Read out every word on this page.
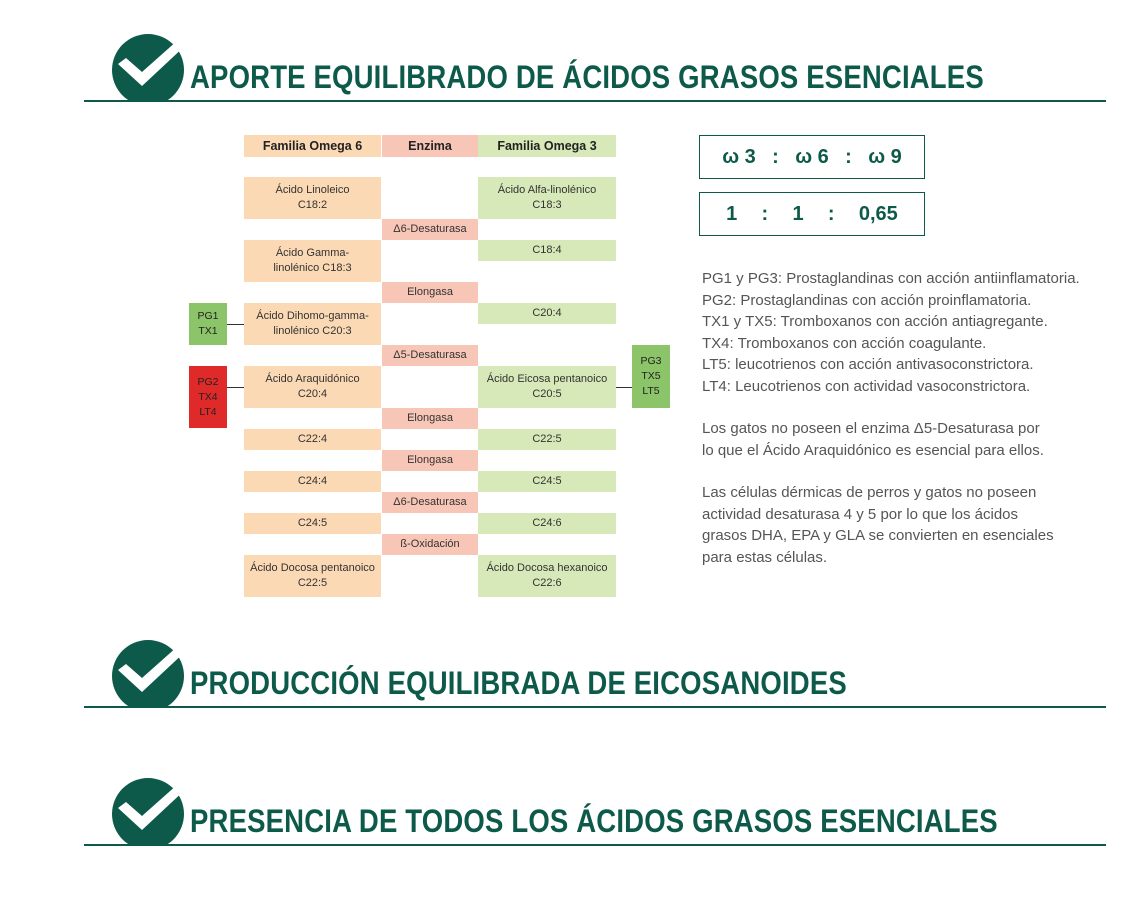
APORTE EQUILIBRADO DE ÁCIDOS GRASOS ESENCIALES
PRODUCCIÓN EQUILIBRADA DE EICOSANOIDES
PRESENCIA DE TODOS LOS ÁCIDOS GRASOS ESENCIALES
Familia Omega 6	Enzima	Familia Omega 3
Ácido Linoleico
C18:2
Ácido Gamma-
linolénico C18:3
Ácido Dihomo-gamma-
linolénico C20:3
Ácido Araquidónico
C20:4
C22:4
C24:4
C24:5
Ácido Docosa pentanoico
C22:5
Δ6-Desaturasa
Elongasa
Δ5-Desaturasa
Elongasa
Elongasa
Δ6-Desaturasa
ß-Oxidación
Ácido Alfa-linolénico
C18:3
C18:4
C20:4
Ácido Eicosa pentanoico
C20:5
C22:5
C24:5
C24:6
Ácido Docosa hexanoico
C22:6
PG1
TX1
PG2
TX4
LT4
PG3
TX5
LT5
ω 3 : ω 6 : ω 9
1 : 1 : 0,65

PG1 y PG3: Prostaglandinas con acción antiinflamatoria.

PG2: Prostaglandinas con acción proinflamatoria.

TX1 y TX5: Tromboxanos con acción antiagregante.

TX4: Tromboxanos con acción coagulante.

LT5: leucotrienos con acción antivasoconstrictora.

LT4: Leucotrienos con actividad vasoconstrictora.

Los gatos no poseen el enzima Δ5-Desaturasa por

lo que el Ácido Araquidónico es esencial para ellos.

Las células dérmicas de perros y gatos no poseen

actividad desaturasa 4 y 5 por lo que los ácidos

grasos DHA, EPA y GLA se convierten en esenciales

para estas células.
